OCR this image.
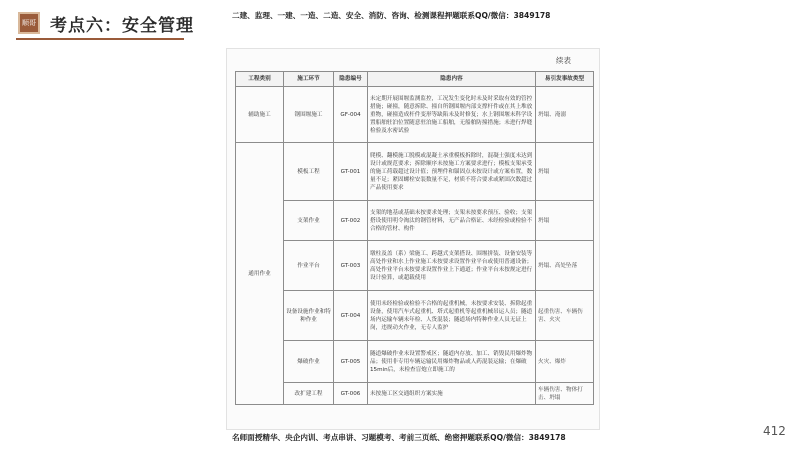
顺哥 考点六：安全管理
二建、监理、一建、一造、二造、安全、消防、咨询、检测课程押题联系QQ/微信：3849178
续表
工程类别	施工环节	隐患编号	隐患内容	易引发事故类型
辅助施工	钢围堰施工	GF-004	未定期开展围堰监测监控，工况发生变化时未及时采取有效的管控措施；碰撞，随意拆除、撞自所钢围堰内部支撑杆件或在其上堆放重物，碰撞造成杆件变形等缺陷未及时修复；水上钢围堰未科学设置船舶驻泊位置随意驻泊施工船舶，无船舶防撞措施；未进行焊缝检验及水密试验	坍塌、淹溺
通用作业	模板工程	GT-001	爬模、翻模施工脱模或混凝土承重模板拆除时，混凝土强度未达到设计或规范要求；拆除顺序未按施工方案要求进行；模板支架承受的施工荷载超过设计值；预埋件和锚固点未按设计或方案布置，数量不足；紧固螺栓安装数量不足，材质不符合要求或紧固次数超过产品使用要求	坍塌
	支架作业	GT-002	支架的地基或基础未按要求处理；支架未按要求预压、验收；支架搭设使用明令淘汰的钢管材料，无产品合格证、未经检验或检验不合格的管材、构件	坍塌
	作业平台	GT-003	墩柱及盖（系）梁施工、跨越式支架搭设、围堰拼装、设备安装等高处作业和水上作业施工未按要求设置作业平台或使用普通设备；高处作业平台未按要求设置作业上下通道；作业平台未按规定进行设计验算，或超载使用	坍塌、高处坠落
	设备设施作业和特种作业	GT-004	使用未经检验或检验不合格的起重机械，未按要求安装、拆除起重设备，使用汽车式起重机、塔式起重机等起重机械吊运人员；隧道场内运输车辆未年检、人货混装；隧道场内特种作业人员无证上岗，违规动火作业，无专人监护	起重伤害、车辆伤害、火灾
	爆破作业	GT-005	隧道爆破作业未设置警戒区；隧道内存放、加工、销毁民用爆炸物品；使用非专用车辆运输民用爆炸物品或人药混装运输；在爆破15min后，未检查盲炮立即施工的	火灾、爆炸
	改扩建工程	GT-006	未按施工区交通组织方案实施	车辆伤害、物体打击、坍塌
名师面授精华、央企内训、考点串讲、习题模考、考前三页纸、绝密押题联系QQ/微信：3849178	412
